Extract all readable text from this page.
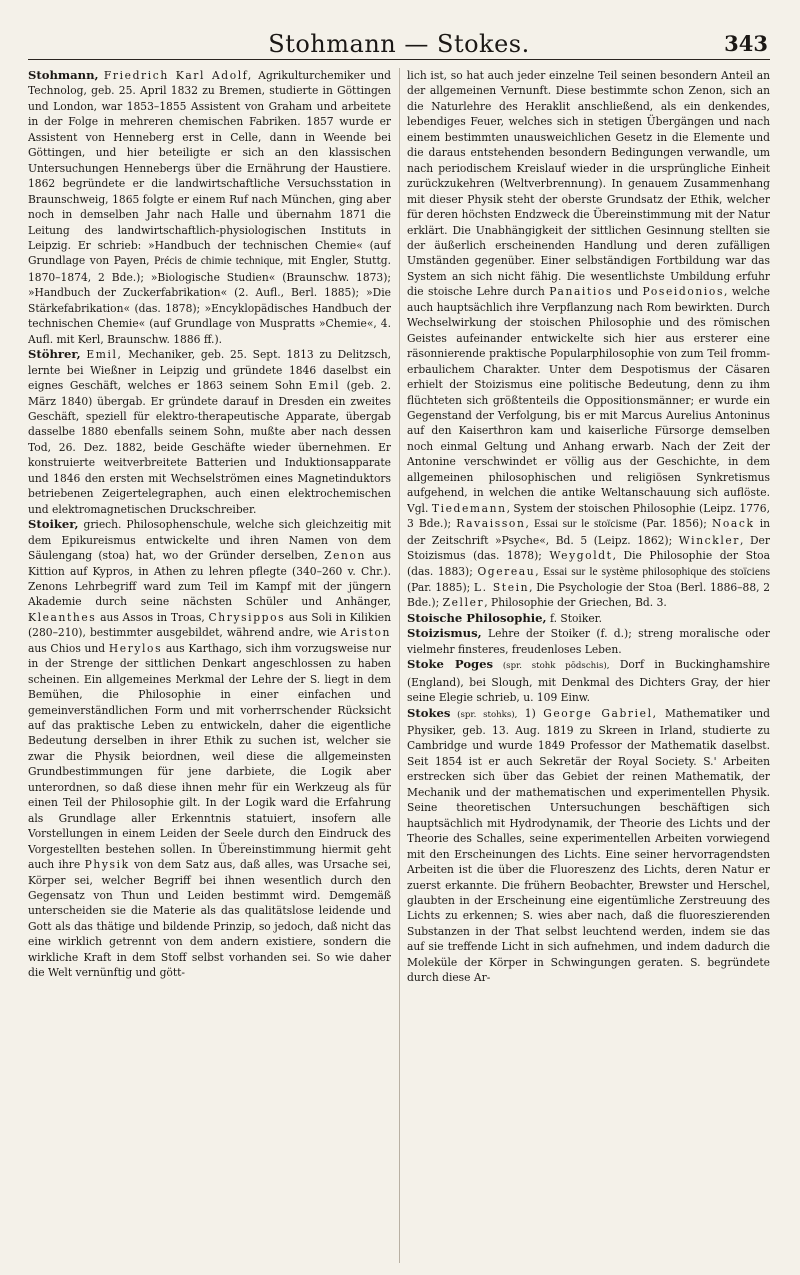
Stohmann — Stokes.	343

Stohmann, Friedrich Karl Adolf, Agrikulturchemiker und Technolog, geb. 25. April 1832 zu Bremen, studierte in Göttingen und London, war 1853–1855 Assistent von Graham und arbeitete in der Folge in mehreren chemischen Fabriken. 1857 wurde er Assistent von Henneberg erst in Celle, dann in Weende bei Göttingen, und hier beteiligte er sich an den klassischen Untersuchungen Hennebergs über die Ernährung der Haustiere. 1862 begründete er die landwirtschaftliche Versuchsstation in Braunschweig, 1865 folgte er einem Ruf nach München, ging aber noch in demselben Jahr nach Halle und übernahm 1871 die Leitung des landwirtschaftlich-physiologischen Instituts in Leipzig. Er schrieb: »Handbuch der technischen Chemie« (auf Grundlage von Payen, Précis de chimie technique, mit Engler, Stuttg. 1870–1874, 2 Bde.); »Biologische Studien« (Braunschw. 1873); »Handbuch der Zuckerfabrikation« (2. Aufl., Berl. 1885); »Die Stärkefabrikation« (das. 1878); »Encyklopädisches Handbuch der technischen Chemie« (auf Grundlage von Muspratts »Chemie«, 4. Aufl. mit Kerl, Braunschw. 1886 ff.).

Stöhrer, Emil, Mechaniker, geb. 25. Sept. 1813 zu Delitzsch, lernte bei Wießner in Leipzig und gründete 1846 daselbst ein eignes Geschäft, welches er 1863 seinem Sohn Emil (geb. 2. März 1840) übergab. Er gründete darauf in Dresden ein zweites Geschäft, speziell für elektro-therapeutische Apparate, übergab dasselbe 1880 ebenfalls seinem Sohn, mußte aber nach dessen Tod, 26. Dez. 1882, beide Geschäfte wieder übernehmen. Er konstruierte weitverbreitete Batterien und Induktionsapparate und 1846 den ersten mit Wechselströmen eines Magnetinduktors betriebenen Zeigertelegraphen, auch einen elektrochemischen und elektromagnetischen Druckschreiber.

Stoiker, griech. Philosophenschule, welche sich gleichzeitig mit dem Epikureismus entwickelte und ihren Namen von dem Säulengang (stoa) hat, wo der Gründer derselben, Zenon aus Kittion auf Kypros, in Athen zu lehren pflegte (340–260 v. Chr.). Zenons Lehrbegriff ward zum Teil im Kampf mit der jüngern Akademie durch seine nächsten Schüler und Anhänger, Kleanthes aus Assos in Troas, Chrysippos aus Soli in Kilikien (280–210), bestimmter ausgebildet, während andre, wie Ariston aus Chios und Herylos aus Karthago, sich ihm vorzugsweise nur in der Strenge der sittlichen Denkart angeschlossen zu haben scheinen. Ein allgemeines Merkmal der Lehre der S. liegt in dem Bemühen, die Philosophie in einer einfachen und gemeinverständlichen Form und mit vorherrschender Rücksicht auf das praktische Leben zu entwickeln, daher die eigentliche Bedeutung derselben in ihrer Ethik zu suchen ist, welcher sie zwar die Physik beiordnen, weil diese die allgemeinsten Grundbestimmungen für jene darbiete, die Logik aber unterordnen, so daß diese ihnen mehr für ein Werkzeug als für einen Teil der Philosophie gilt. In der Logik ward die Erfahrung als Grundlage aller Erkenntnis statuiert, insofern alle Vorstellungen in einem Leiden der Seele durch den Eindruck des Vorgestellten bestehen sollen. In Übereinstimmung hiermit geht auch ihre Physik von dem Satz aus, daß alles, was Ursache sei, Körper sei, welcher Begriff bei ihnen wesentlich durch den Gegensatz von Thun und Leiden bestimmt wird. Demgemäß unterscheiden sie die Materie als das qualitätslose leidende und Gott als das thätige und bildende Prinzip, so jedoch, daß nicht das eine wirklich getrennt von dem andern existiere, sondern die wirkliche Kraft in dem Stoff selbst vorhanden sei. So wie daher die Welt vernünftig und gött-

lich ist, so hat auch jeder einzelne Teil seinen besondern Anteil an der allgemeinen Vernunft. Diese bestimmte schon Zenon, sich an die Naturlehre des Heraklit anschließend, als ein denkendes, lebendiges Feuer, welches sich in stetigen Übergängen und nach einem bestimmten unausweichlichen Gesetz in die Elemente und die daraus entstehenden besondern Bedingungen verwandle, um nach periodischem Kreislauf wieder in die ursprüngliche Einheit zurückzukehren (Weltverbrennung). In genauem Zusammenhang mit dieser Physik steht der oberste Grundsatz der Ethik, welcher für deren höchsten Endzweck die Übereinstimmung mit der Natur erklärt. Die Unabhängigkeit der sittlichen Gesinnung stellten sie der äußerlich erscheinenden Handlung und deren zufälligen Umständen gegenüber. Einer selbständigen Fortbildung war das System an sich nicht fähig. Die wesentlichste Umbildung erfuhr die stoische Lehre durch Panaitios und Poseidonios, welche auch hauptsächlich ihre Verpflanzung nach Rom bewirkten. Durch Wechselwirkung der stoischen Philosophie und des römischen Geistes aufeinander entwickelte sich hier aus ersterer eine räsonnierende praktische Popularphilosophie von zum Teil fromm-erbaulichem Charakter. Unter dem Despotismus der Cäsaren erhielt der Stoizismus eine politische Bedeutung, denn zu ihm flüchteten sich größtenteils die Oppositionsmänner; er wurde ein Gegenstand der Verfolgung, bis er mit Marcus Aurelius Antoninus auf den Kaiserthron kam und kaiserliche Fürsorge demselben noch einmal Geltung und Anhang erwarb. Nach der Zeit der Antonine verschwindet er völlig aus der Geschichte, in dem allgemeinen philosophischen und religiösen Synkretismus aufgehend, in welchen die antike Weltanschauung sich auflöste. Vgl. Tiedemann, System der stoischen Philosophie (Leipz. 1776, 3 Bde.); Ravaisson, Essai sur le stoïcisme (Par. 1856); Noack in der Zeitschrift »Psyche«, Bd. 5 (Leipz. 1862); Winckler, Der Stoizismus (das. 1878); Weygoldt, Die Philosophie der Stoa (das. 1883); Ogereau, Essai sur le système philosophique des stoïciens (Par. 1885); L. Stein, Die Psychologie der Stoa (Berl. 1886–88, 2 Bde.); Zeller, Philosophie der Griechen, Bd. 3.

Stoische Philosophie, f. Stoiker.

Stoizismus, Lehre der Stoiker (f. d.); streng moralische oder vielmehr finsteres, freudenloses Leben.

Stoke Poges (spr. stohk pōdschis), Dorf in Buckinghamshire (England), bei Slough, mit Denkmal des Dichters Gray, der hier seine Elegie schrieb, u. 109 Einw.

Stokes (spr. stohks), 1) George Gabriel, Mathematiker und Physiker, geb. 13. Aug. 1819 zu Skreen in Irland, studierte zu Cambridge und wurde 1849 Professor der Mathematik daselbst. Seit 1854 ist er auch Sekretär der Royal Society. S.' Arbeiten erstrecken sich über das Gebiet der reinen Mathematik, der Mechanik und der mathematischen und experimentellen Physik. Seine theoretischen Untersuchungen beschäftigen sich hauptsächlich mit Hydrodynamik, der Theorie des Lichts und der Theorie des Schalles, seine experimentellen Arbeiten vorwiegend mit den Erscheinungen des Lichts. Eine seiner hervorragendsten Arbeiten ist die über die Fluoreszenz des Lichts, deren Natur er zuerst erkannte. Die frühern Beobachter, Brewster und Herschel, glaubten in der Erscheinung eine eigentümliche Zerstreuung des Lichts zu erkennen; S. wies aber nach, daß die fluoreszierenden Substanzen in der That selbst leuchtend werden, indem sie das auf sie treffende Licht in sich aufnehmen, und indem dadurch die Moleküle der Körper in Schwingungen geraten. S. begründete durch diese Ar-
